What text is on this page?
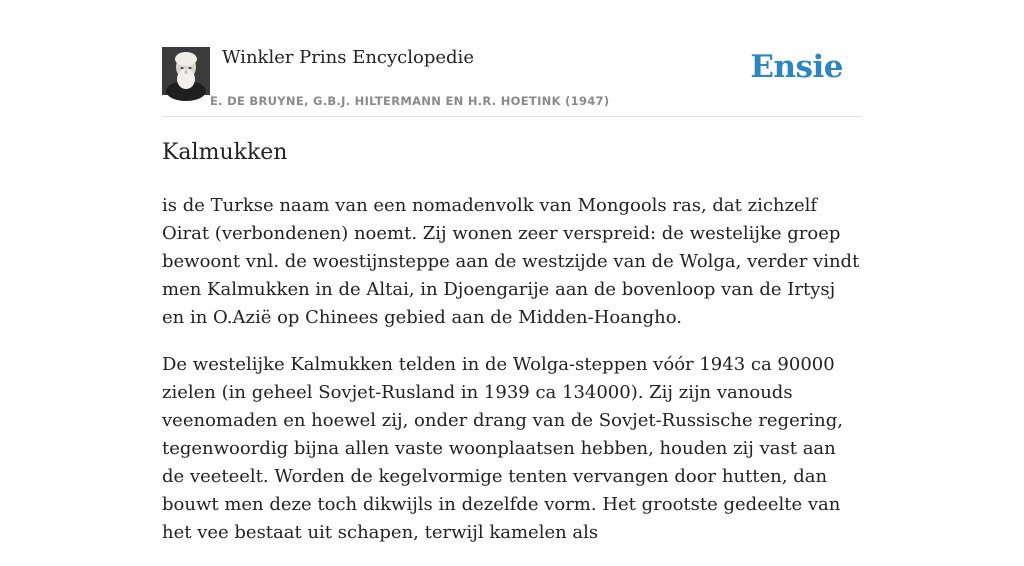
Winkler Prins Encyclopedie
E. DE BRUYNE, G.B.J. HILTERMANN EN H.R. HOETINK (1947)
Ensie
Kalmukken

is de Turkse naam van een nomadenvolk van Mongools ras, dat zichzelf Oirat (verbondenen) noemt. Zij wonen zeer verspreid: de westelijke groep bewoont vnl. de woestijnsteppe aan de westzijde van de Wolga, verder vindt men Kalmukken in de Altai, in Djoengarije aan de bovenloop van de Irtysj en in O.Azië op Chinees gebied aan de Midden-Hoangho.

De westelijke Kalmukken telden in de Wolga-steppen vóór 1943 ca 90000 zielen (in geheel Sovjet-Rusland in 1939 ca 134000). Zij zijn vanouds veenomaden en hoewel zij, onder drang van de Sovjet-Russische regering, tegenwoordig bijna allen vaste woonplaatsen hebben, houden zij vast aan de veeteelt. Worden de kegelvormige tenten vervangen door hutten, dan bouwt men deze toch dikwijls in dezelfde vorm. Het grootste gedeelte van het vee bestaat uit schapen, terwijl kamelen als
